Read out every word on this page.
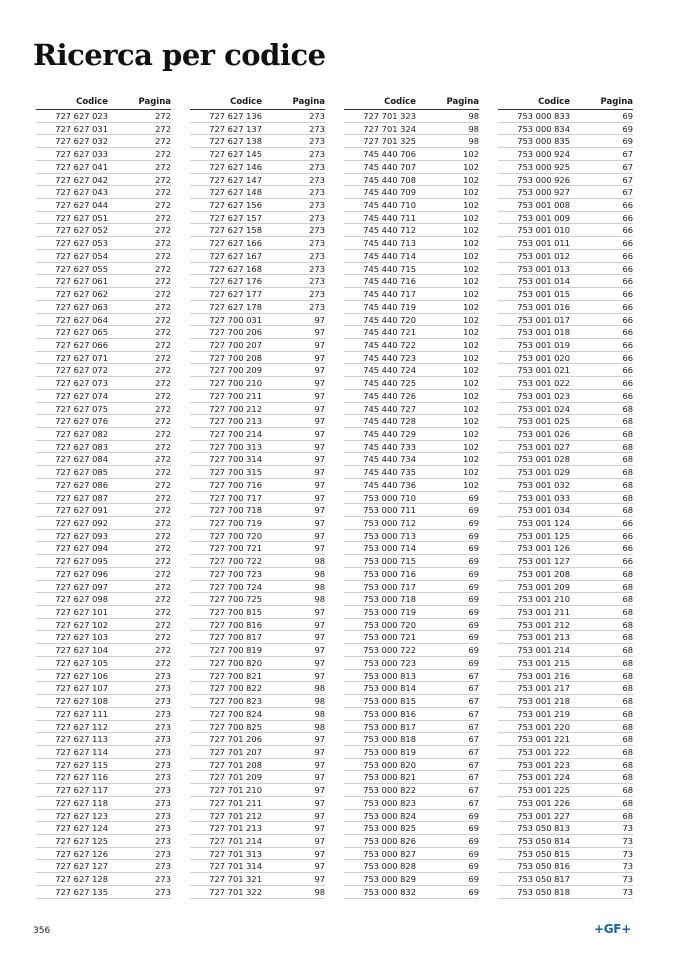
Ricerca per codice
Codice	Pagina
727 627 023	272
727 627 031	272
727 627 032	272
727 627 033	272
727 627 041	272
727 627 042	272
727 627 043	272
727 627 044	272
727 627 051	272
727 627 052	272
727 627 053	272
727 627 054	272
727 627 055	272
727 627 061	272
727 627 062	272
727 627 063	272
727 627 064	272
727 627 065	272
727 627 066	272
727 627 071	272
727 627 072	272
727 627 073	272
727 627 074	272
727 627 075	272
727 627 076	272
727 627 082	272
727 627 083	272
727 627 084	272
727 627 085	272
727 627 086	272
727 627 087	272
727 627 091	272
727 627 092	272
727 627 093	272
727 627 094	272
727 627 095	272
727 627 096	272
727 627 097	272
727 627 098	272
727 627 101	272
727 627 102	272
727 627 103	272
727 627 104	272
727 627 105	272
727 627 106	273
727 627 107	273
727 627 108	273
727 627 111	273
727 627 112	273
727 627 113	273
727 627 114	273
727 627 115	273
727 627 116	273
727 627 117	273
727 627 118	273
727 627 123	273
727 627 124	273
727 627 125	273
727 627 126	273
727 627 127	273
727 627 128	273
727 627 135	273
Codice	Pagina
727 627 136	273
727 627 137	273
727 627 138	273
727 627 145	273
727 627 146	273
727 627 147	273
727 627 148	273
727 627 156	273
727 627 157	273
727 627 158	273
727 627 166	273
727 627 167	273
727 627 168	273
727 627 176	273
727 627 177	273
727 627 178	273
727 700 031	97
727 700 206	97
727 700 207	97
727 700 208	97
727 700 209	97
727 700 210	97
727 700 211	97
727 700 212	97
727 700 213	97
727 700 214	97
727 700 313	97
727 700 314	97
727 700 315	97
727 700 716	97
727 700 717	97
727 700 718	97
727 700 719	97
727 700 720	97
727 700 721	97
727 700 722	98
727 700 723	98
727 700 724	98
727 700 725	98
727 700 815	97
727 700 816	97
727 700 817	97
727 700 819	97
727 700 820	97
727 700 821	97
727 700 822	98
727 700 823	98
727 700 824	98
727 700 825	98
727 701 206	97
727 701 207	97
727 701 208	97
727 701 209	97
727 701 210	97
727 701 211	97
727 701 212	97
727 701 213	97
727 701 214	97
727 701 313	97
727 701 314	97
727 701 321	97
727 701 322	98
Codice	Pagina
727 701 323	98
727 701 324	98
727 701 325	98
745 440 706	102
745 440 707	102
745 440 708	102
745 440 709	102
745 440 710	102
745 440 711	102
745 440 712	102
745 440 713	102
745 440 714	102
745 440 715	102
745 440 716	102
745 440 717	102
745 440 719	102
745 440 720	102
745 440 721	102
745 440 722	102
745 440 723	102
745 440 724	102
745 440 725	102
745 440 726	102
745 440 727	102
745 440 728	102
745 440 729	102
745 440 733	102
745 440 734	102
745 440 735	102
745 440 736	102
753 000 710	69
753 000 711	69
753 000 712	69
753 000 713	69
753 000 714	69
753 000 715	69
753 000 716	69
753 000 717	69
753 000 718	69
753 000 719	69
753 000 720	69
753 000 721	69
753 000 722	69
753 000 723	69
753 000 813	67
753 000 814	67
753 000 815	67
753 000 816	67
753 000 817	67
753 000 818	67
753 000 819	67
753 000 820	67
753 000 821	67
753 000 822	67
753 000 823	67
753 000 824	69
753 000 825	69
753 000 826	69
753 000 827	69
753 000 828	69
753 000 829	69
753 000 832	69
Codice	Pagina
753 000 833	69
753 000 834	69
753 000 835	69
753 000 924	67
753 000 925	67
753 000 926	67
753 000 927	67
753 001 008	66
753 001 009	66
753 001 010	66
753 001 011	66
753 001 012	66
753 001 013	66
753 001 014	66
753 001 015	66
753 001 016	66
753 001 017	66
753 001 018	66
753 001 019	66
753 001 020	66
753 001 021	66
753 001 022	66
753 001 023	66
753 001 024	68
753 001 025	68
753 001 026	68
753 001 027	68
753 001 028	68
753 001 029	68
753 001 032	68
753 001 033	68
753 001 034	68
753 001 124	66
753 001 125	66
753 001 126	66
753 001 127	66
753 001 208	68
753 001 209	68
753 001 210	68
753 001 211	68
753 001 212	68
753 001 213	68
753 001 214	68
753 001 215	68
753 001 216	68
753 001 217	68
753 001 218	68
753 001 219	68
753 001 220	68
753 001 221	68
753 001 222	68
753 001 223	68
753 001 224	68
753 001 225	68
753 001 226	68
753 001 227	68
753 050 813	73
753 050 814	73
753 050 815	73
753 050 816	73
753 050 817	73
753 050 818	73
356	+GF+
